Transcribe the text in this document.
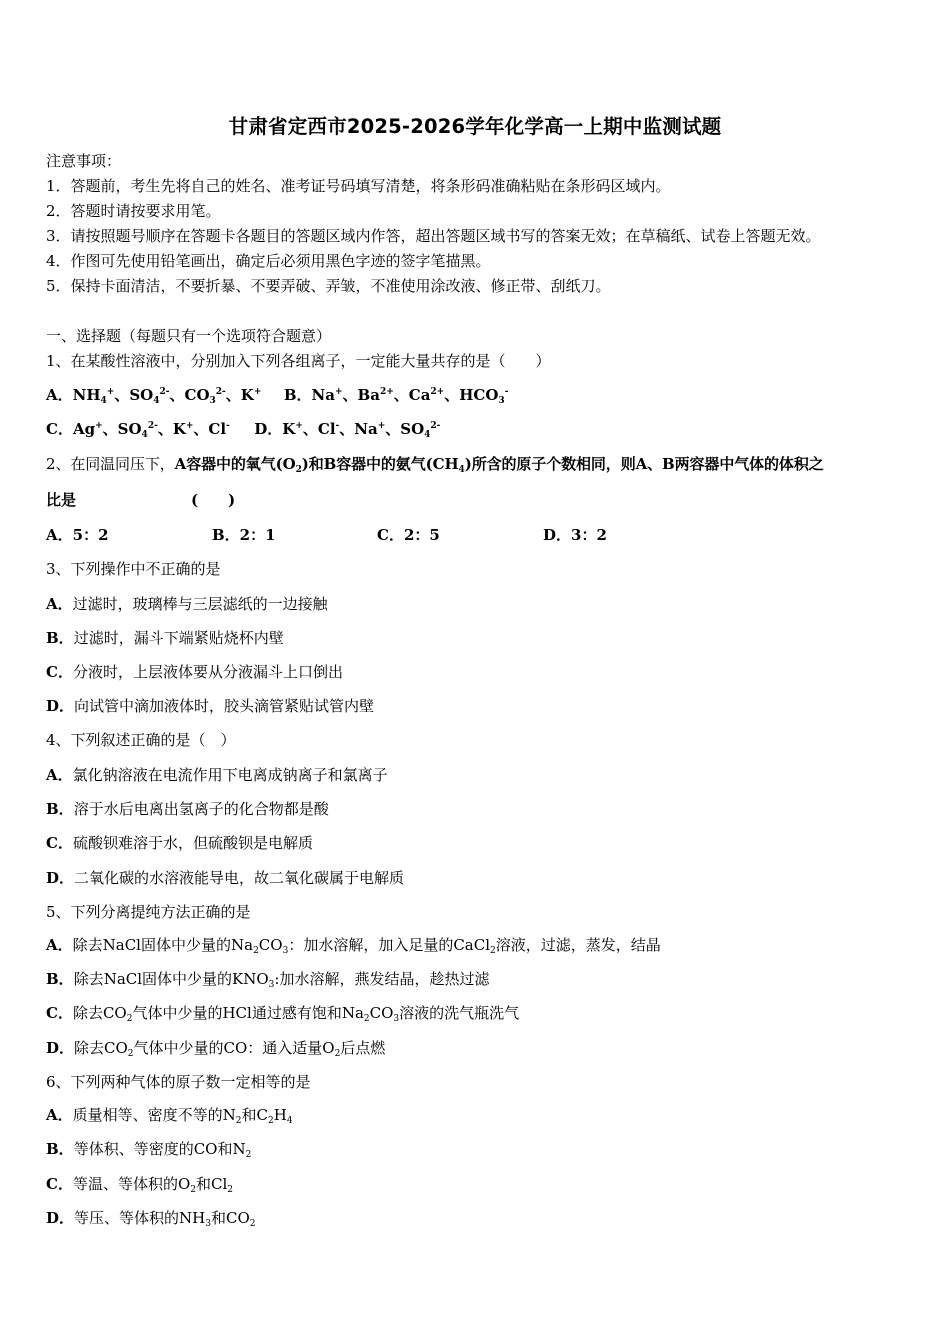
甘肃省定西市2025-2026学年化学高一上期中监测试题
注意事项：
1．答题前，考生先将自己的姓名、准考证号码填写清楚，将条形码准确粘贴在条形码区域内。
2．答题时请按要求用笔。
3．请按照题号顺序在答题卡各题目的答题区域内作答，超出答题区域书写的答案无效；在草稿纸、试卷上答题无效。
4．作图可先使用铅笔画出，确定后必须用黑色字迹的签字笔描黑。
5．保持卡面清洁，不要折暴、不要弄破、弄皱，不准使用涂改液、修正带、刮纸刀。
一、选择题（每题只有一个选项符合题意）
1、在某酸性溶液中，分别加入下列各组离子，一定能大量共存的是（　　）
A．$NH_4^+$、$SO_4^{2-}$、$CO_3^{2-}$、K+ B．Na+、$Ba^{2+}$、$Ca^{2+}$、$HCO_3^-$
C．Ag+、$SO_4^{2-}$、K+、Cl- D．K+、Cl-、Na+、$SO_4^{2-}$
2、在同温同压下，A容器中的氧气$(O_2)$和B容器中的氨气$(CH_4)$所含的原子个数相同，则A、B两容器中气体的体积之
比是	(　　)
A．5：2	B．2：1	C．2：5	D．3：2
3、下列操作中不正确的是
A．过滤时，玻璃棒与三层滤纸的一边接触
B．过滤时，漏斗下端紧贴烧杯内壁
C．分液时，上层液体要从分液漏斗上口倒出
D．向试管中滴加液体时，胶头滴管紧贴试管内壁
4、下列叙述正确的是（　）
A．氯化钠溶液在电流作用下电离成钠离子和氯离子
B．溶于水后电离出氢离子的化合物都是酸
C．硫酸钡难溶于水，但硫酸钡是电解质
D．二氧化碳的水溶液能导电，故二氧化碳属于电解质
5、下列分离提纯方法正确的是
A．除去NaCl固体中少量的$Na_2CO_3$：加水溶解，加入足量的CaCl$_2$溶液，过滤，蒸发，结晶
B．除去NaCl固体中少量的$KNO_3$:加水溶解，燕发结晶，趁热过滤
C．除去$CO_2$气体中少量的HCl通过感有饱和$Na_2CO_3$溶液的洗气瓶洗气
D．除去$CO_2$气体中少量的CO：通入适量$O_2$后点燃
6、下列两种气体的原子数一定相等的是
A．质量相等、密度不等的$N_2$和$C_2H_4$
B．等体积、等密度的CO和$N_2$
C．等温、等体积的$O_2$和$Cl_2$
D．等压、等体积的$NH_3$和$CO_2$
